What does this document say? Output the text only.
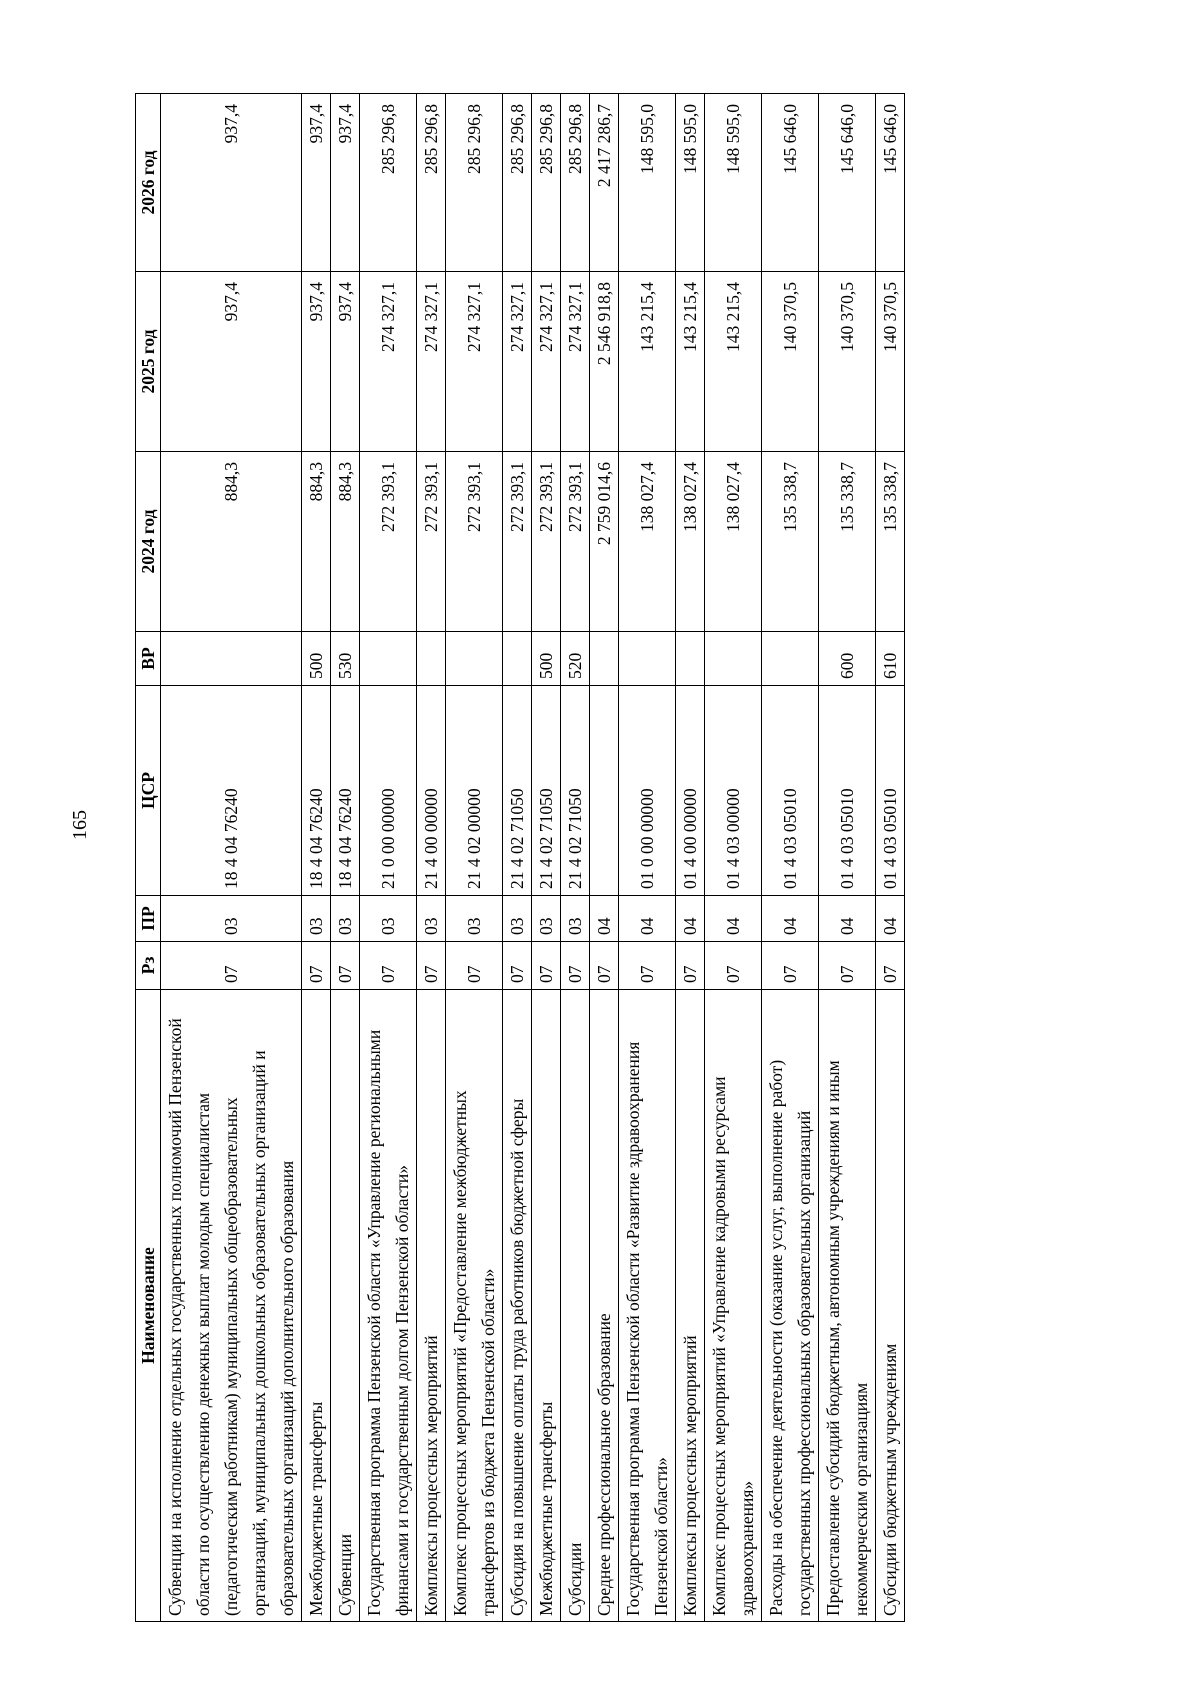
165
Наименование	Рз	ПР	ЦСР	ВР	2024 год	2025 год	2026 год
Субвенции на исполнение отдельных государственных полномочий Пензенской области по осуществлению денежных выплат молодым специалистам (педагогическим работникам) муниципальных общеобразовательных организаций, муниципальных дошкольных образовательных организаций и образовательных организаций дополнительного образования	07	03	18 4 04 76240		884,3	937,4	937,4
Межбюджетные трансферты	07	03	18 4 04 76240	500	884,3	937,4	937,4
Субвенции	07	03	18 4 04 76240	530	884,3	937,4	937,4
Государственная программа Пензенской области «Управление региональными финансами и государственным долгом Пензенской области»	07	03	21 0 00 00000		272 393,1	274 327,1	285 296,8
Комплексы процессных мероприятий	07	03	21 4 00 00000		272 393,1	274 327,1	285 296,8
Комплекс процессных мероприятий «Предоставление межбюджетных трансфертов из бюджета Пензенской области»	07	03	21 4 02 00000		272 393,1	274 327,1	285 296,8
Субсидия на повышение оплаты труда работников бюджетной сферы	07	03	21 4 02 71050		272 393,1	274 327,1	285 296,8
Межбюджетные трансферты	07	03	21 4 02 71050	500	272 393,1	274 327,1	285 296,8
Субсидии	07	03	21 4 02 71050	520	272 393,1	274 327,1	285 296,8
Среднее профессиональное образование	07	04			2 759 014,6	2 546 918,8	2 417 286,7
Государственная программа Пензенской области «Развитие здравоохранения Пензенской области»	07	04	01 0 00 00000		138 027,4	143 215,4	148 595,0
Комплексы процессных мероприятий	07	04	01 4 00 00000		138 027,4	143 215,4	148 595,0
Комплекс процессных мероприятий «Управление кадровыми ресурсами здравоохранения»	07	04	01 4 03 00000		138 027,4	143 215,4	148 595,0
Расходы на обеспечение деятельности (оказание услуг, выполнение работ) государственных профессиональных образовательных организаций	07	04	01 4 03 05010		135 338,7	140 370,5	145 646,0
Предоставление субсидий бюджетным, автономным учреждениям и иным некоммерческим организациям	07	04	01 4 03 05010	600	135 338,7	140 370,5	145 646,0
Субсидии бюджетным учреждениям	07	04	01 4 03 05010	610	135 338,7	140 370,5	145 646,0
